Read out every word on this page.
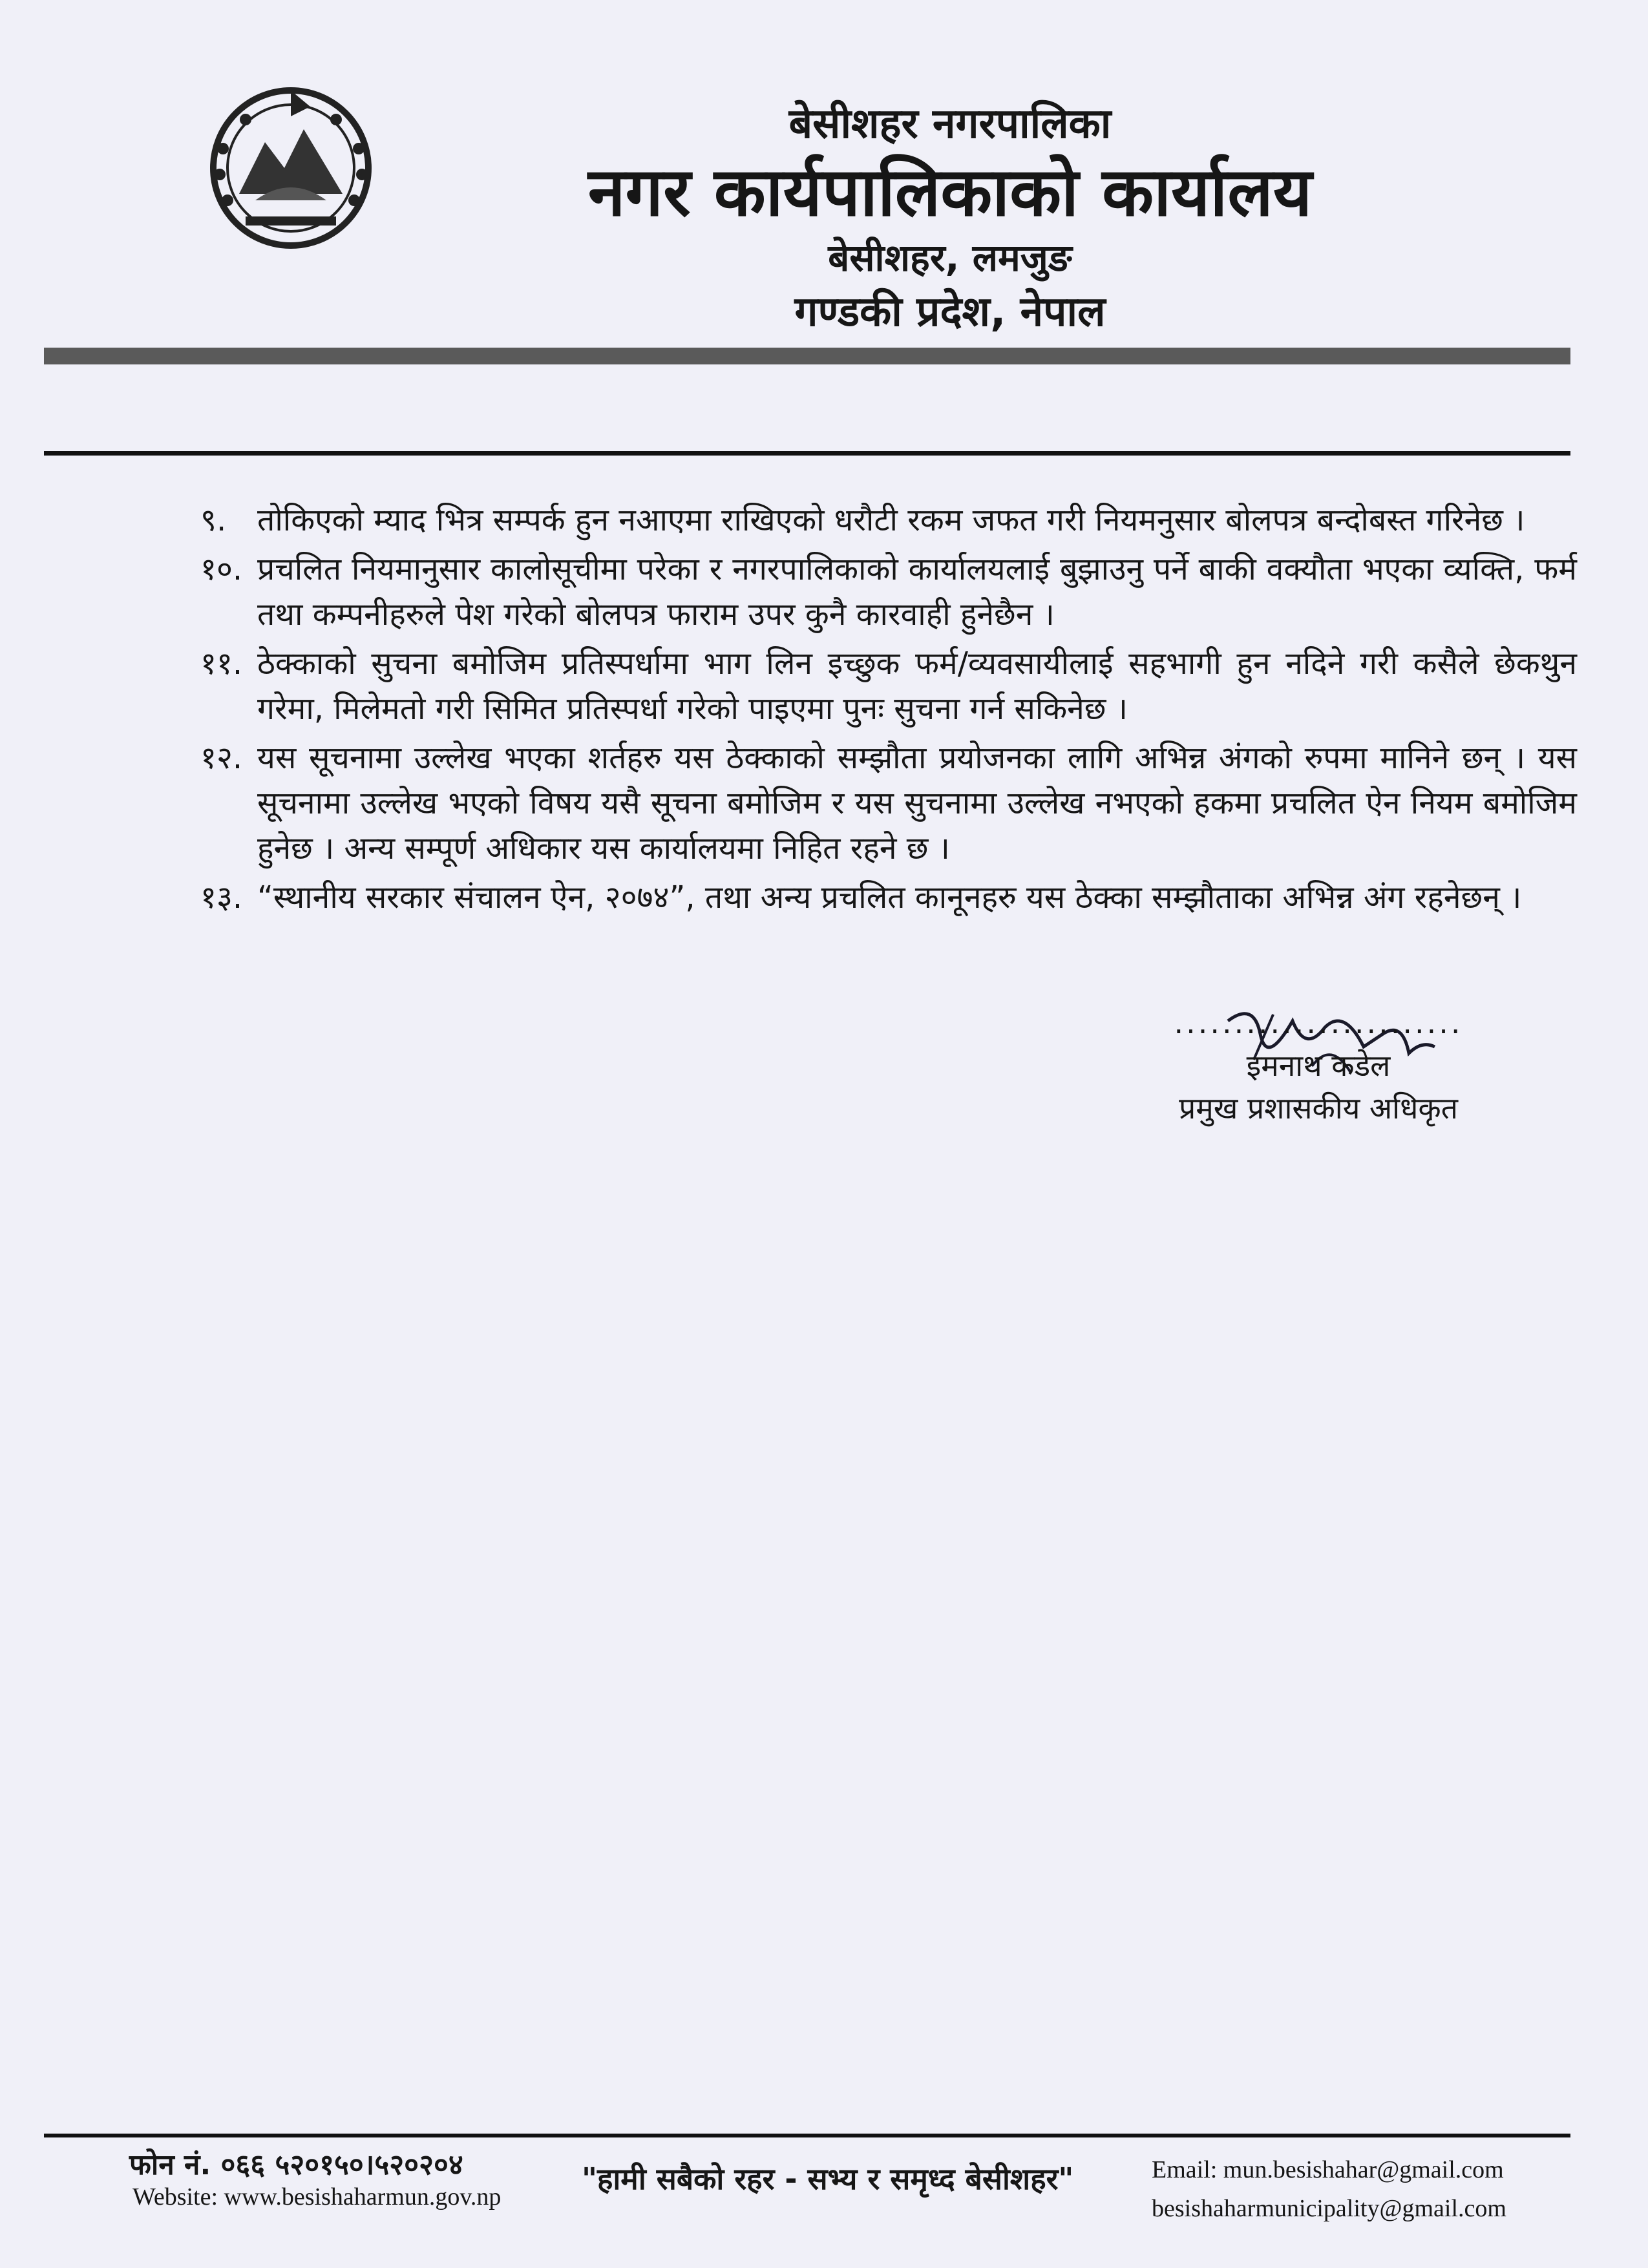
बेसीशहर नगरपालिका
नगर कार्यपालिकाको कार्यालय
बेसीशहर, लमजुङ
गण्डकी प्रदेश, नेपाल
९. तोकिएको म्याद भित्र सम्पर्क हुन नआएमा राखिएको धरौटी रकम जफत गरी नियमनुसार बोलपत्र बन्दोबस्त गरिनेछ ।
१०. प्रचलित नियमानुसार कालोसूचीमा परेका र नगरपालिकाको कार्यालयलाई बुझाउनु पर्ने बाकी वक्यौता भएका व्यक्ति, फर्म तथा कम्पनीहरुले पेश गरेको बोलपत्र फाराम उपर कुनै कारवाही हुनेछैन ।
११. ठेक्काको सुचना बमोजिम प्रतिस्पर्धामा भाग लिन इच्छुक फर्म/व्यवसायीलाई सहभागी हुन नदिने गरी कसैले छेकथुन गरेमा, मिलेमतो गरी सिमित प्रतिस्पर्धा गरेको पाइएमा पुनः सुचना गर्न सकिनेछ ।
१२. यस सूचनामा उल्लेख भएका शर्तहरु यस ठेक्काको सम्झौता प्रयोजनका लागि अभिन्न अंगको रुपमा मानिने छन् । यस सूचनामा उल्लेख भएको विषय यसै सूचना बमोजिम र यस सुचनामा उल्लेख नभएको हकमा प्रचलित ऐन नियम बमोजिम हुनेछ । अन्य सम्पूर्ण अधिकार यस कार्यालयमा निहित रहने छ ।
१३. “स्थानीय सरकार संचालन ऐन, २०७४”, तथा अन्य प्रचलित कानूनहरु यस ठेक्का सम्झौताका अभिन्न अंग रहनेछन् ।
........................
इमनाथ कडेल
प्रमुख प्रशासकीय अधिकृत
फोन नं. ०६६ ५२०१५०।५२०२०४
Website: www.besishaharmun.gov.np
"हामी सबैको रहर - सभ्य र समृध्द बेसीशहर"	Email: mun.besishahar@gmail.com
besishaharmunicipality@gmail.com
